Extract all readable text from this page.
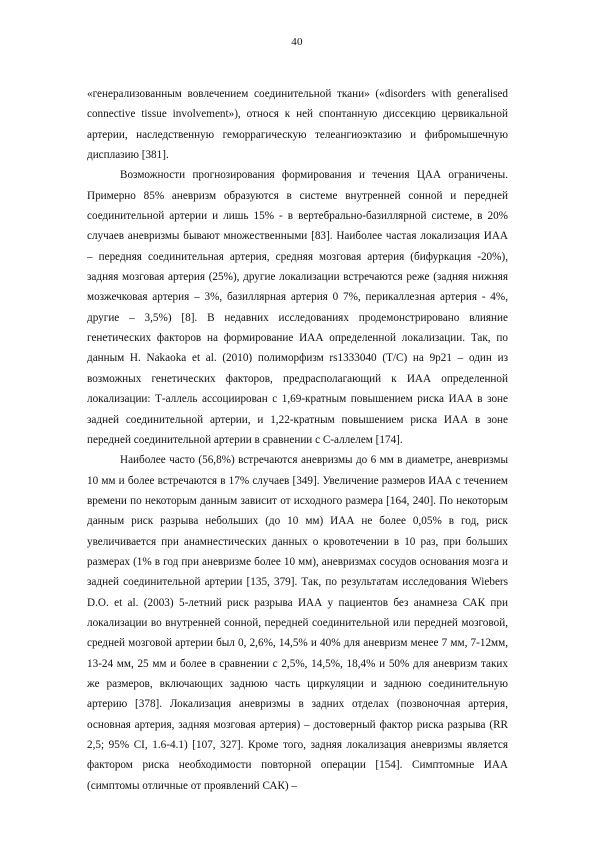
40

«генерализованным вовлечением соединительной ткани» («disorders with generalised connective tissue involvement»), относя к ней спонтанную диссекцию цервикальной артерии, наследственную геморрагическую телеангиоэктазию и фибромышечную дисплазию [381].

Возможности прогнозирования формирования и течения ЦАА ограничены. Примерно 85% аневризм образуются в системе внутренней сонной и передней соединительной артерии и лишь 15% - в вертебрально-базиллярной системе, в 20% случаев аневризмы бывают множественными [83]. Наиболее частая локализация ИАА – передняя соединительная артерия, средняя мозговая артерия (бифуркация -20%), задняя мозговая артерия (25%), другие локализации встречаются реже (задняя нижняя мозжечковая артерия – 3%, базиллярная артерия 0 7%, перикаллезная артерия - 4%, другие – 3,5%) [8]. В недавних исследованиях продемонстрировано влияние генетических факторов на формирование ИАА определенной локализации. Так, по данным H. Nakaoka et al. (2010) полиморфизм rs1333040 (T/C) на 9p21 – один из возможных генетических факторов, предрасполагающий к ИАА определенной локализации: Т-аллель ассоциирован с 1,69-кратным повышением риска ИАА в зоне задней соединительной артерии, и 1,22-кратным повышением риска ИАА в зоне передней соединительной артерии в сравнении с С-аллелем [174].

Наиболее часто (56,8%) встречаются аневризмы до 6 мм в диаметре, аневризмы 10 мм и более встречаются в 17% случаев [349]. Увеличение размеров ИАА с течением времени по некоторым данным зависит от исходного размера [164, 240]. По некоторым данным риск разрыва небольших (до 10 мм) ИАА не более 0,05% в год, риск увеличивается при анамнестических данных о кровотечении в 10 раз, при больших размерах (1% в год при аневризме более 10 мм), аневризмах сосудов основания мозга и задней соединительной артерии [135, 379]. Так, по результатам исследования Wiebers D.O. et al. (2003) 5-летний риск разрыва ИАА у пациентов без анамнеза САК при локализации во внутренней сонной, передней соединительной или передней мозговой, средней мозговой артерии был 0, 2,6%, 14,5% и 40% для аневризм менее 7 мм, 7-12мм, 13-24 мм, 25 мм и более в сравнении с 2,5%, 14,5%, 18,4% и 50% для аневризм таких же размеров, включающих заднюю часть циркуляции и заднюю соединительную артерию [378]. Локализация аневризмы в задних отделах (позвоночная артерия, основная артерия, задняя мозговая артерия) – достоверный фактор риска разрыва (RR 2,5; 95% CI, 1.6-4.1) [107, 327]. Кроме того, задняя локализация аневризмы является фактором риска необходимости повторной операции [154]. Симптомные ИАА (симптомы отличные от проявлений САК) –
